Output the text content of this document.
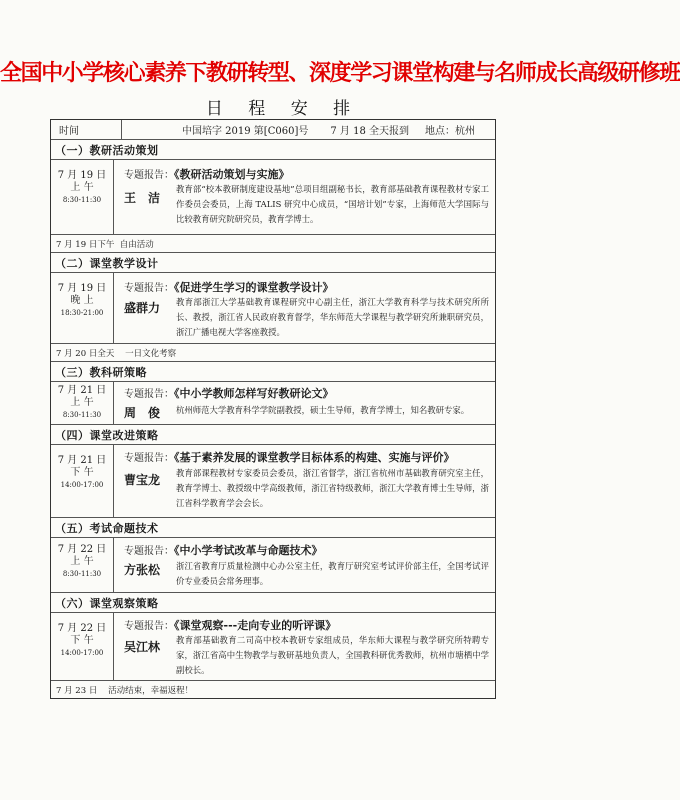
全国中小学核心素养下教研转型、深度学习课堂构建与名师成长高级研修班
日 程 安 排
时间	中国培字 2019 第[C060]号 7 月 18 全天报到 地点：杭州
（一）教研活动策划
7 月 19 日
上 午
8:30-11:30
专题报告：《教研活动策划与实施》
王　洁
教育部“校本教研制度建设基地”总项目组副秘书长，教育部基础教育课程教材专家工作委员会委员，上海 TALIS 研究中心成员，“国培计划”专家，上海师范大学国际与比较教育研究院研究员，教育学博士。
7 月 19 日下午  自由活动
（二）课堂教学设计
7 月 19 日
晚 上
18:30-21:00
专题报告：《促进学生学习的课堂教学设计》
盛群力 教育部浙江大学基础教育课程研究中心副主任，浙江大学教育科学与技术研究所所长、教授，浙江省人民政府教育督学，华东师范大学课程与教学研究所兼职研究员，浙江广播电视大学客座教授。
7 月 20 日全天    一日文化考察
（三）教科研策略
7 月 21 日
上 午
8:30-11:30
专题报告：《中小学教师怎样写好教研论文》
周　俊 杭州师范大学教育科学学院副教授，硕士生导师，教育学博士，知名教研专家。
（四）课堂改进策略
7 月 21 日
下 午
14:00-17:00
专题报告：《基于素养发展的课堂教学目标体系的构建、实施与评价》
曹宝龙 教育部课程教材专家委员会委员，浙江省督学，浙江省杭州市基础教育研究室主任，教育学博士、教授级中学高级教师，浙江省特级教师，浙江大学教育博士生导师，浙江省科学教育学会会长。
（五）考试命题技术
7 月 22 日
上 午
8:30-11:30
专题报告：《中小学考试改革与命题技术》
方张松 浙江省教育厅质量检测中心办公室主任，教育厅研究室考试评价部主任，全国考试评价专业委员会常务理事。
（六）课堂观察策略
7 月 22 日
下 午
14:00-17:00
专题报告：《课堂观察---走向专业的听评课》
吴江林 教育部基础教育二司高中校本教研专家组成员，华东师大课程与教学研究所特聘专家，浙江省高中生物教学与教研基地负责人，全国教科研优秀教师，杭州市塘栖中学副校长。
7 月 23 日    活动结束，幸福返程！
